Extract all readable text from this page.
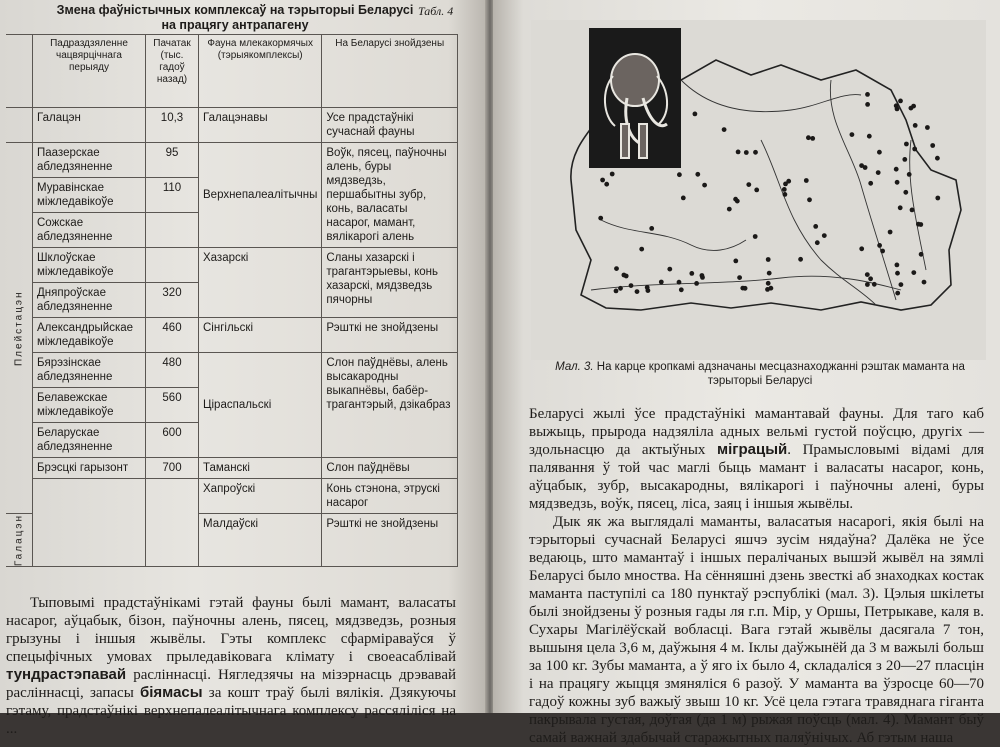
Змена фаўністычных комплексаў на тэрыторыі Беларусі
на працягу антрапагену
Табл. 4
	Падраздзяленне чацвярцічнага перыяду	Пачатак (тыс. гадоў назад)	Фауна млекакормячых (тэрыякомплексы)	На Беларусі знойдзены
	Галацэн	10,3	Галацэнавы	Усе прадстаўнікі сучаснай фауны
Плейстацэн	Паазерскае абледзяненне	95	Верхнепалеалітычны	Воўк, пясец, паўночны алень, буры мядзведзь, першабытны зубр, конь, валасаты насарог, мамант, вялікарогі алень
	Муравінскае міжледавікоўе	110		
	Сожскае абледзяненне			
	Шклоўскае міжледавікоўе		Хазарскі	Сланы хазарскі і трагантэрыевы, конь хазарскі, мядзведзь пячорны
	Дняпроўскае абледзяненне	320		
	Александрыйскае міжледавікоўе	460	Сінгільскі	Рэшткі не знойдзены
	Бярэзінскае абледзяненне	480	Цірaспальскі	Слон паўднёвы, алень высакародны выкапнёвы, бабёр-трагантэрый, дзікабраз
	Белавежскае міжледавікоўе	560		
	Беларускае абледзяненне	600		
	Брэсцкі гарызонт	700	Таманскі	Слон паўднёвы
			Хапроўскі	Конь стэнона, этрускі насарог
Галацэн			Малдаўскі	Рэшткі не знойдзены
Тыповымі прадстаўнікамі гэтай фауны былі мамант, валасаты насарог, аўцабык, бізон, паўночны алень, пясец, мядзведзь, розныя грызуны і іншыя жывёлы. Гэты комплекс сфарміраваўся ў спецыфічных умовах прыледавіковага клімату і своеасаблівай тундрастэпавай расліннасці. Нягледзячы на мізэрнасць дрэвавай расліннасці, запасы біямасы за кошт траў былі вялікія. Дзякуючы гэтаму, прадстаўнікі верхнепалеалітычнага комплексу рассяліліся на ...
Мал. 3. На карце кропкамі адзначаны месцазнаходжанні рэштак маманта на тэрыторыі Беларусі

Беларусі жылі ўсе прадстаўнікі мамантавай фауны. Для таго каб выжыць, прырода надзяліла адных вельмі густой поўсцю, другіх — здольнасцю да актыўных міграцый. Прамысловымі відамі для палявання ў той час маглі быць мамант і валасаты насарог, конь, аўцабык, зубр, высакародны, вялікарогі і паўночны алені, буры мядзведзь, воўк, пясец, ліса, заяц і іншыя жывёлы.

Дык як жа выглядалі маманты, валасатыя насарогі, якія былі на тэрыторыі сучаснай Беларусі яшчэ зусім нядаўна? Далёка не ўсе ведаюць, што мамантаў і іншых пералічаных вышэй жывёл на зямлі Беларусі было мноства. На сённяшні дзень звесткі аб знаходках костак маманта паступілі са 180 пунктаў рэспублікі (мал. 3). Цэлыя шкілеты былі знойдзены ў розныя гады ля г.п. Мір, у Оршы, Петрыкаве, каля в. Сухары Магілёўскай вобласці. Вага гэтай жывёлы дасягала 7 тон, вышыня цела 3,6 м, даўжыня 4 м. Іклы даўжынёй да 3 м важылі больш за 100 кг. Зубы маманта, а ў яго іх было 4, складаліся з 20—27 пласцін і на працягу жыцця змяняліся 6 разоў. У маманта ва ўзросце 60—70 гадоў кожны зуб важыў звыш 10 кг. Усё цела гэтага травяднага гіганта пакрывала густая, доўгая (да 1 м) рыжая поўсць (мал. 4). Мамант быў самай важнай здабычай старажытных паляўнічых. Аб гэтым наша
